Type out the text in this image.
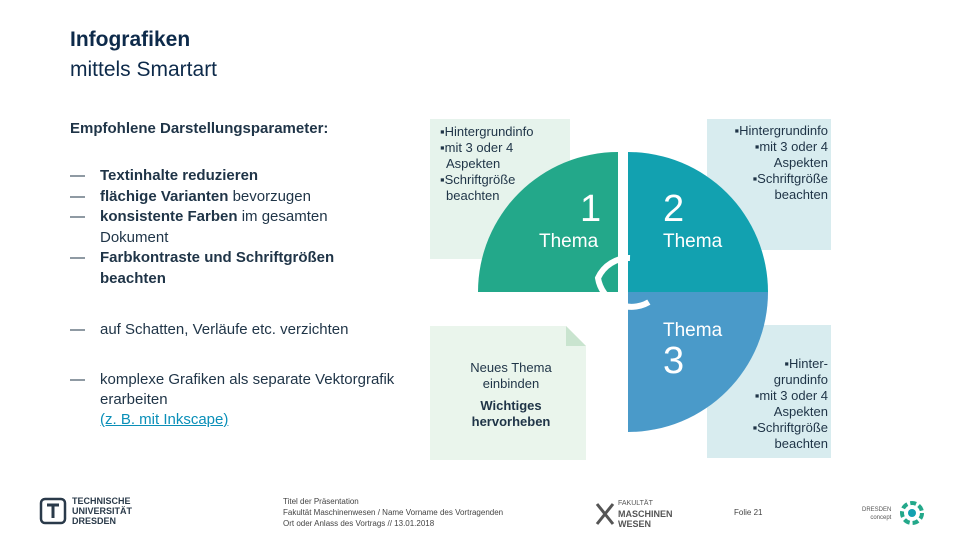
Infografiken
mittels Smartart
Empfohlene Darstellungsparameter:
— Textinhalte reduzieren
— flächige Varianten bevorzugen
— konsistente Farben im gesamten Dokument
— Farbkontraste und Schriftgrößen beachten
—	auf Schatten, Verläufe etc. verzichten
—	komplexe Grafiken als separate Vektorgrafik erarbeiten
(z. B. mit Inkscape)
1
Thema
2
Thema
Thema
3
▪Hintergrundinfo
▪mit 3 oder 4
Aspekten
▪Schriftgröße
beachten
▪Hintergrundinfo
▪mit 3 oder 4
Aspekten
▪Schriftgröße
beachten
▪Hinter-
grundinfo
▪mit 3 oder 4
Aspekten
▪Schriftgröße
beachten
Neues Thema
einbinden
Wichtiges
hervorheben
TECHNISCHE
UNIVERSITÄT
DRESDEN
Titel der Präsentation
Fakultät Maschinenwesen / Name Vorname des Vortragenden
Ort oder Anlass des Vortrags // 13.01.2018
FAKULTÄT
MASCHINEN
WESEN
Folie 21	DRESDEN
concept
